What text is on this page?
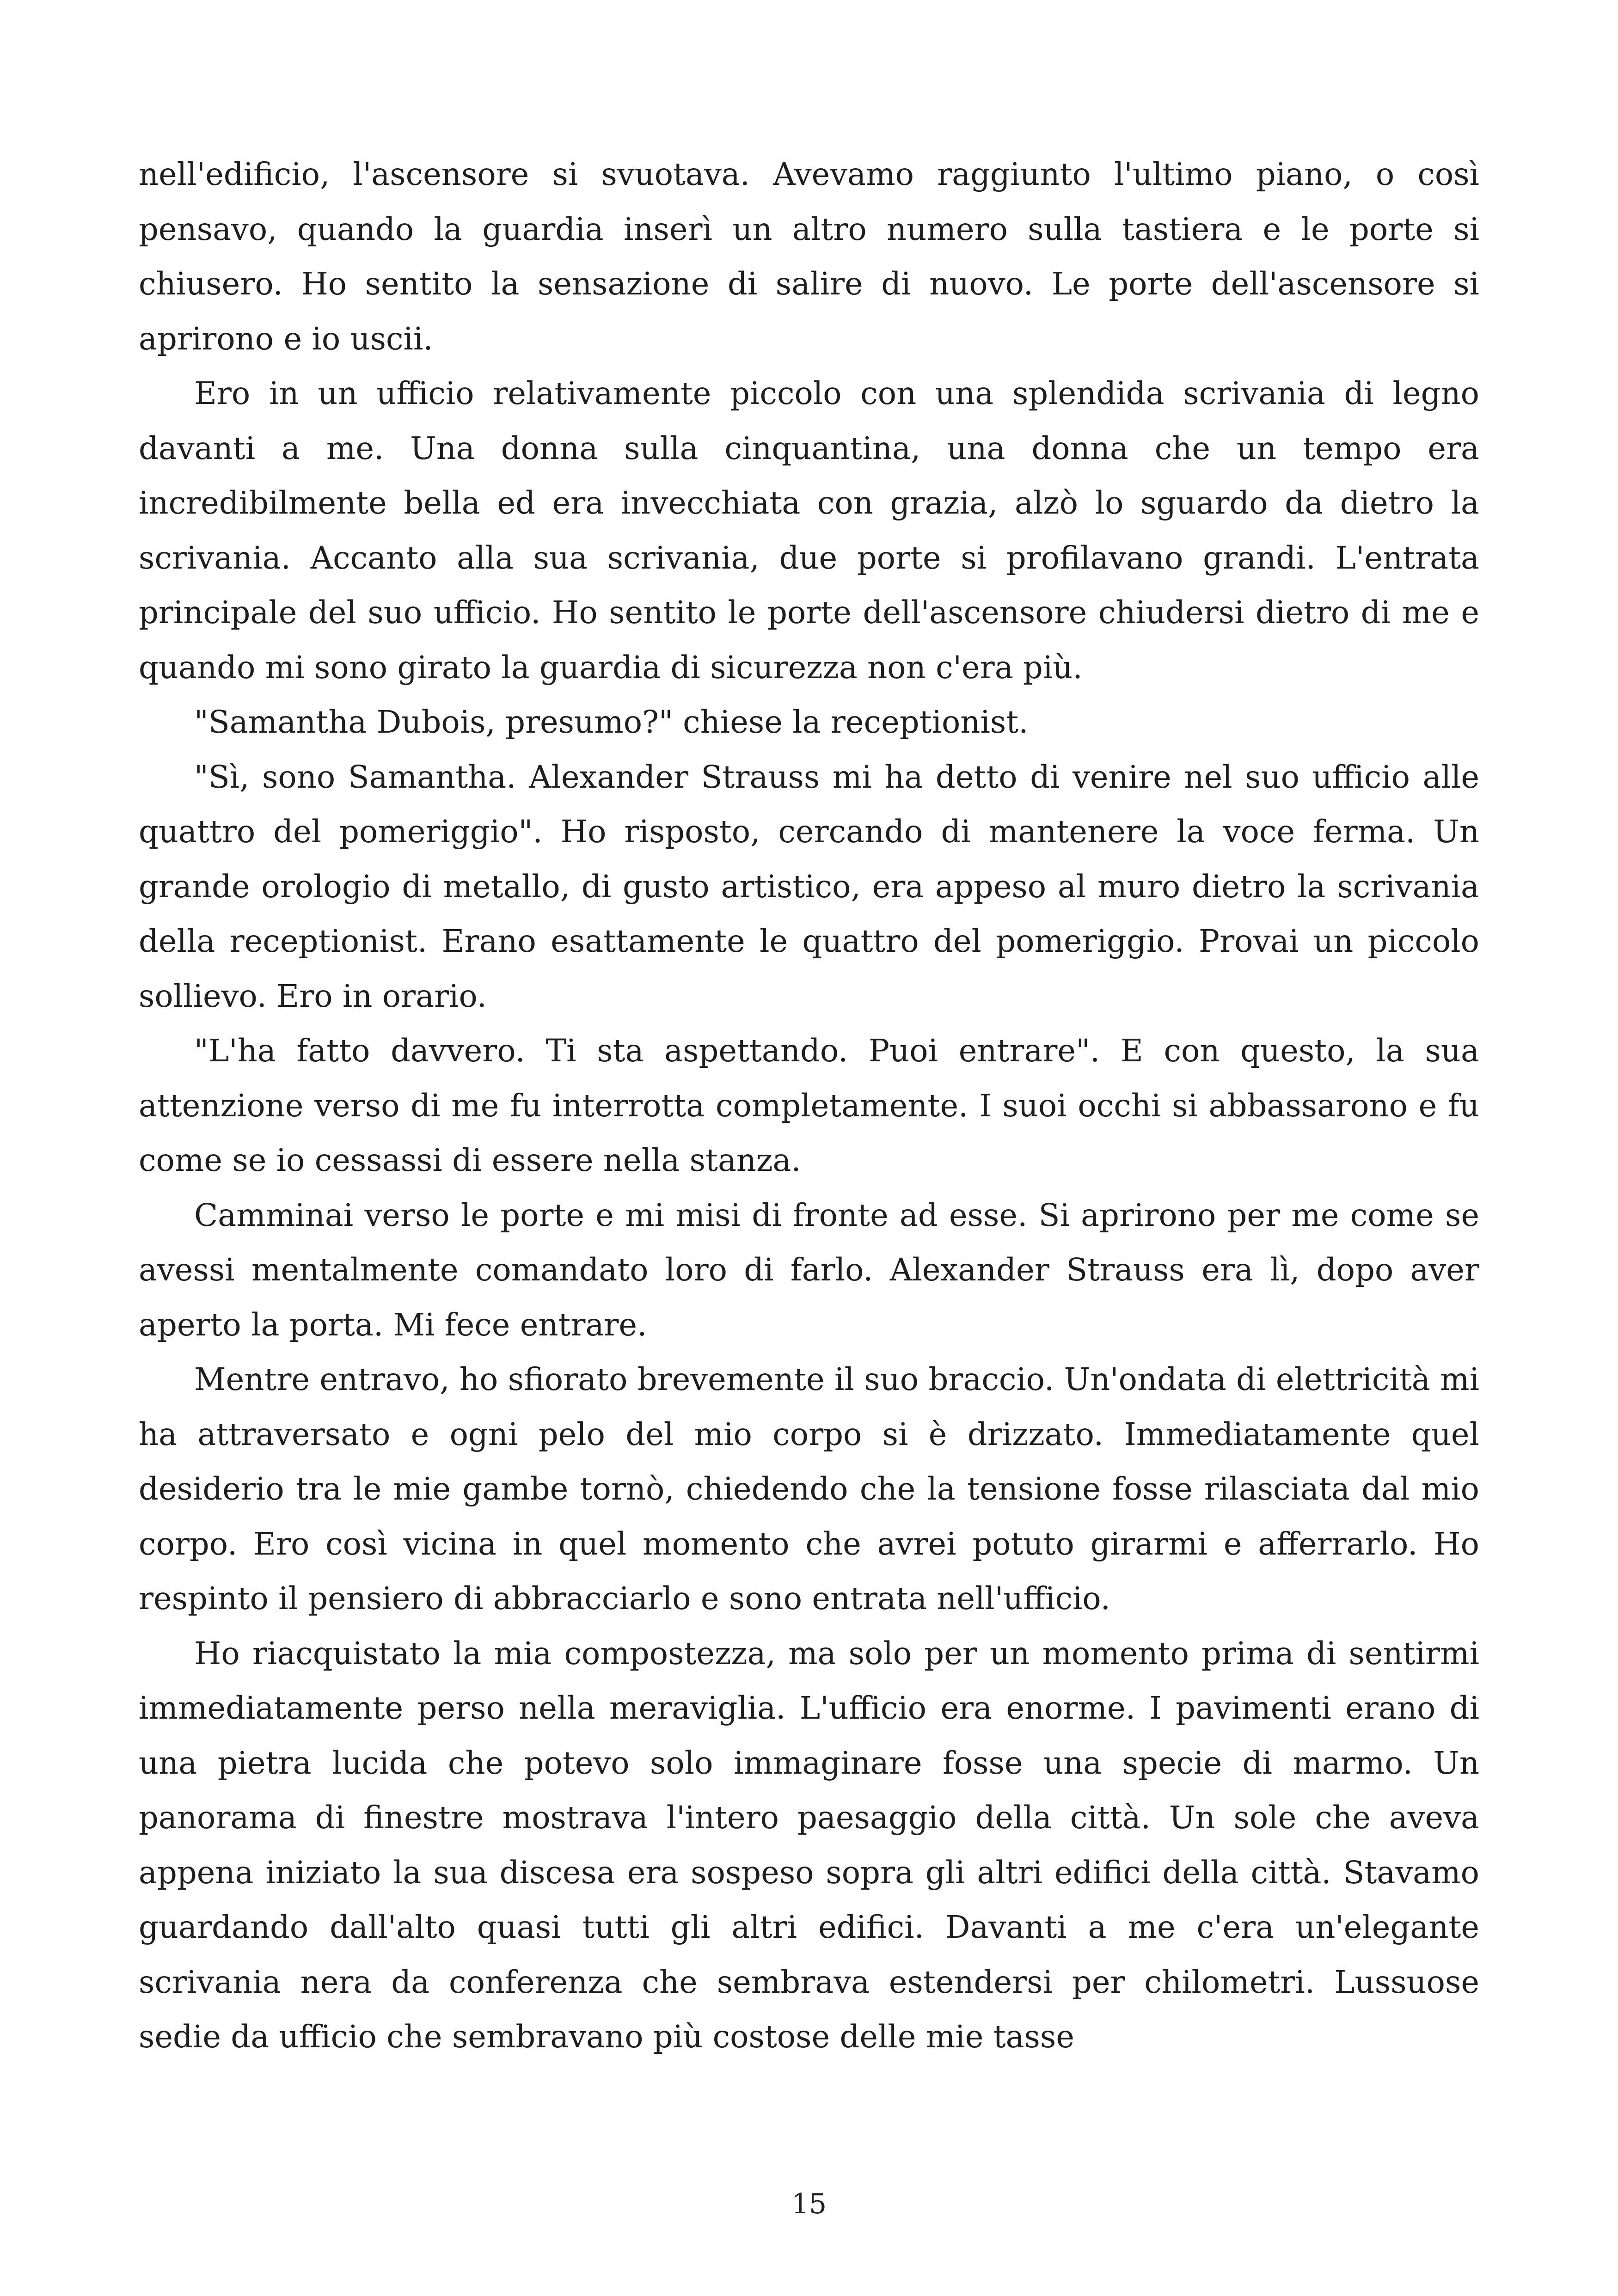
nell'edificio, l'ascensore si svuotava. Avevamo raggiunto l'ultimo piano, o così pensavo, quando la guardia inserì un altro numero sulla tastiera e le porte si chiusero. Ho sentito la sensazione di salire di nuovo. Le porte dell'ascensore si aprirono e io uscii.

Ero in un ufficio relativamente piccolo con una splendida scrivania di legno davanti a me. Una donna sulla cinquantina, una donna che un tempo era incredibilmente bella ed era invecchiata con grazia, alzò lo sguardo da dietro la scrivania. Accanto alla sua scrivania, due porte si profilavano grandi. L'entrata principale del suo ufficio. Ho sentito le porte dell'ascensore chiudersi dietro di me e quando mi sono girato la guardia di sicurezza non c'era più.

"Samantha Dubois, presumo?" chiese la receptionist.

"Sì, sono Samantha. Alexander Strauss mi ha detto di venire nel suo ufficio alle quattro del pomeriggio". Ho risposto, cercando di mantenere la voce ferma. Un grande orologio di metallo, di gusto artistico, era appeso al muro dietro la scrivania della receptionist. Erano esattamente le quattro del pomeriggio. Provai un piccolo sollievo. Ero in orario.

"L'ha fatto davvero. Ti sta aspettando. Puoi entrare". E con questo, la sua attenzione verso di me fu interrotta completamente. I suoi occhi si abbassarono e fu come se io cessassi di essere nella stanza.

Camminai verso le porte e mi misi di fronte ad esse. Si aprirono per me come se avessi mentalmente comandato loro di farlo. Alexander Strauss era lì, dopo aver aperto la porta. Mi fece entrare.

Mentre entravo, ho sfiorato brevemente il suo braccio. Un'ondata di elettricità mi ha attraversato e ogni pelo del mio corpo si è drizzato. Immediatamente quel desiderio tra le mie gambe tornò, chiedendo che la tensione fosse rilasciata dal mio corpo. Ero così vicina in quel momento che avrei potuto girarmi e afferrarlo. Ho respinto il pensiero di abbracciarlo e sono entrata nell'ufficio.

Ho riacquistato la mia compostezza, ma solo per un momento prima di sentirmi immediatamente perso nella meraviglia. L'ufficio era enorme. I pavimenti erano di una pietra lucida che potevo solo immaginare fosse una specie di marmo. Un panorama di finestre mostrava l'intero paesaggio della città. Un sole che aveva appena iniziato la sua discesa era sospeso sopra gli altri edifici della città. Stavamo guardando dall'alto quasi tutti gli altri edifici. Davanti a me c'era un'elegante scrivania nera da conferenza che sembrava estendersi per chilometri. Lussuose sedie da ufficio che sembravano più costose delle mie tasse

15
